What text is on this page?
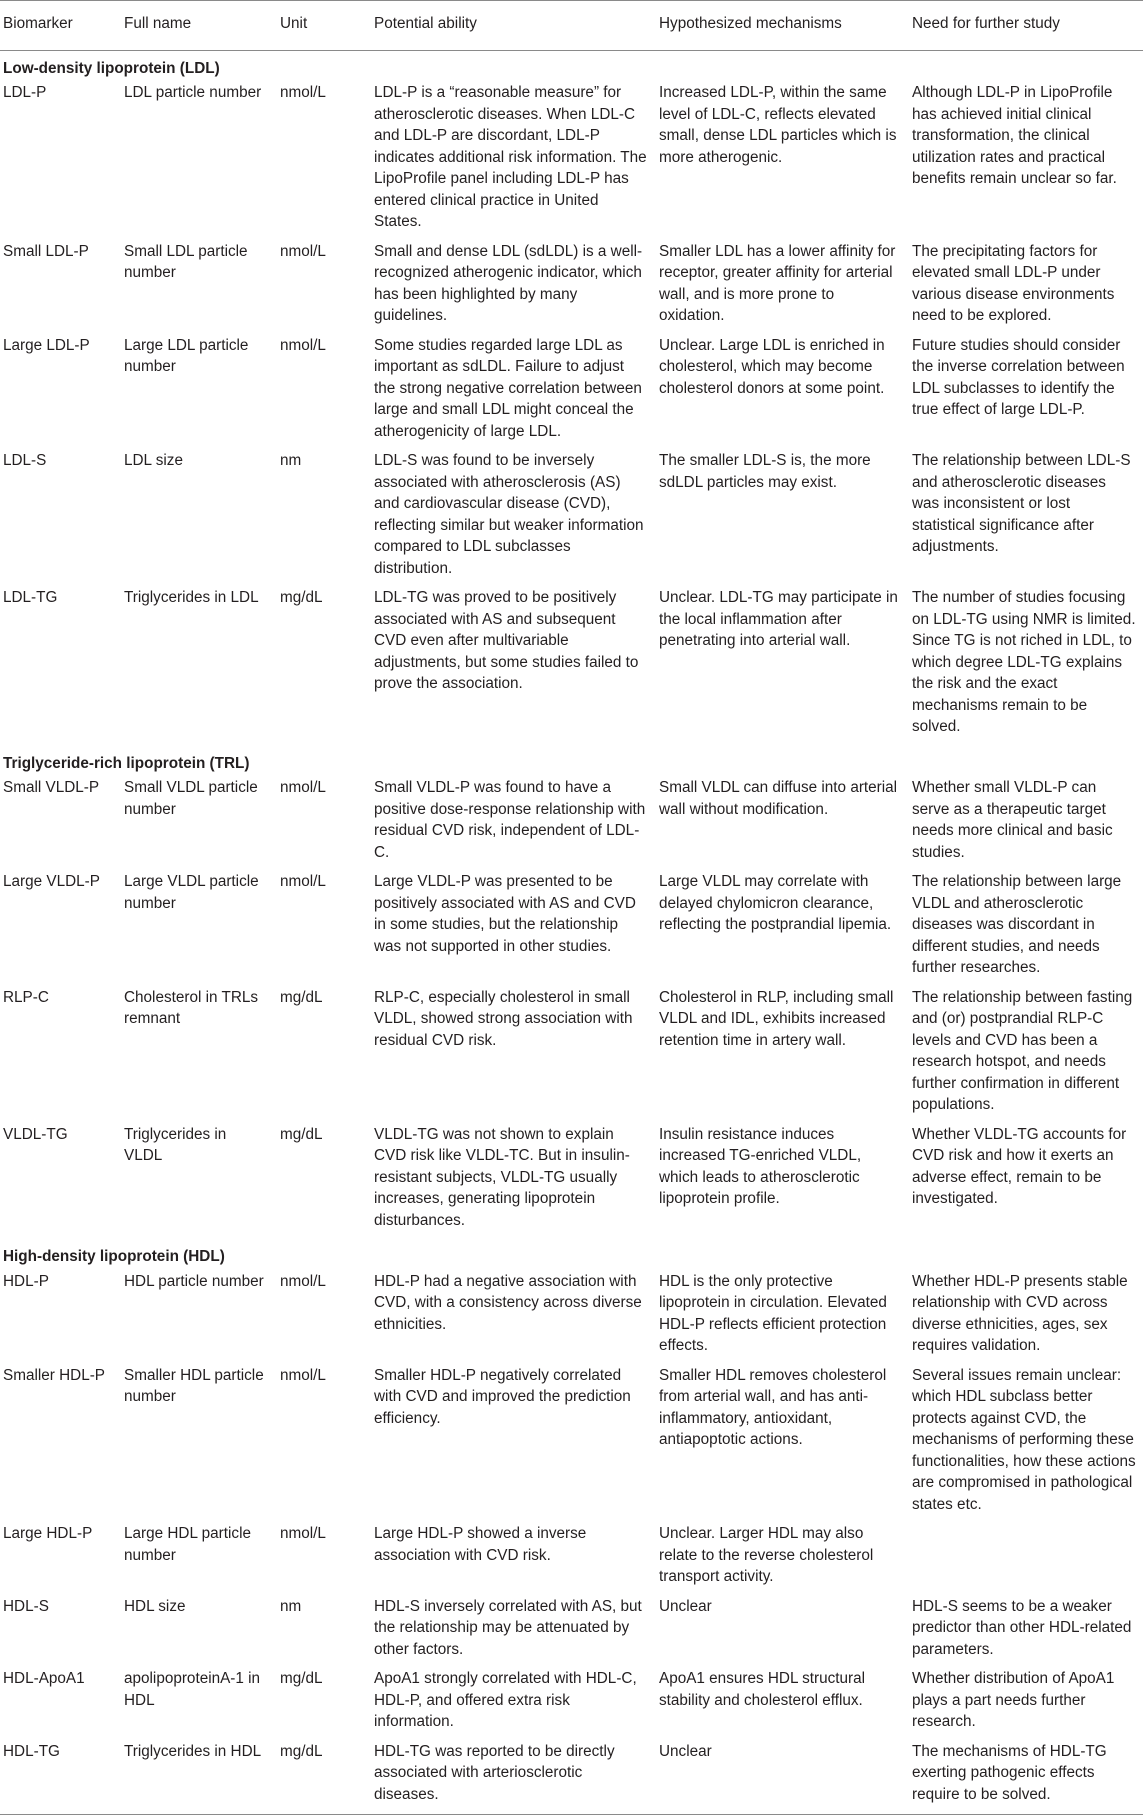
Biomarker	Full name	Unit	Potential ability	Hypothesized mechanisms	Need for further study
Low-density lipoprotein (LDL)					
LDL-P	LDL particle number	nmol/L	LDL-P is a “reasonable measure” for atherosclerotic diseases. When LDL-C and LDL-P are discordant, LDL-P indicates additional risk information. The LipoProfile panel including LDL-P has entered clinical practice in United States.	Increased LDL-P, within the same level of LDL-C, reflects elevated small, dense LDL particles which is more atherogenic.	Although LDL-P in LipoProfile has achieved initial clinical transformation, the clinical utilization rates and practical benefits remain unclear so far.
Small LDL-P	Small LDL particle number	nmol/L	Small and dense LDL (sdLDL) is a well-recognized atherogenic indicator, which has been highlighted by many guidelines.	Smaller LDL has a lower affinity for receptor, greater affinity for arterial wall, and is more prone to oxidation.	The precipitating factors for elevated small LDL-P under various disease environments need to be explored.
Large LDL-P	Large LDL particle number	nmol/L	Some studies regarded large LDL as important as sdLDL. Failure to adjust the strong negative correlation between large and small LDL might conceal the atherogenicity of large LDL.	Unclear. Large LDL is enriched in cholesterol, which may become cholesterol donors at some point.	Future studies should consider the inverse correlation between LDL subclasses to identify the true effect of large LDL-P.
LDL-S	LDL size	nm	LDL-S was found to be inversely associated with atherosclerosis (AS) and cardiovascular disease (CVD), reflecting similar but weaker information compared to LDL subclasses distribution.	The smaller LDL-S is, the more sdLDL particles may exist.	The relationship between LDL-S and atherosclerotic diseases was inconsistent or lost statistical significance after adjustments.
LDL-TG	Triglycerides in LDL	mg/dL	LDL-TG was proved to be positively associated with AS and subsequent CVD even after multivariable adjustments, but some studies failed to prove the association.	Unclear. LDL-TG may participate in the local inflammation after penetrating into arterial wall.	The number of studies focusing on LDL-TG using NMR is limited. Since TG is not riched in LDL, to which degree LDL-TG explains the risk and the exact mechanisms remain to be solved.
Triglyceride-rich lipoprotein (TRL)					
Small VLDL-P	Small VLDL particle number	nmol/L	Small VLDL-P was found to have a positive dose-response relationship with residual CVD risk, independent of LDL-C.	Small VLDL can diffuse into arterial wall without modification.	Whether small VLDL-P can serve as a therapeutic target needs more clinical and basic studies.
Large VLDL-P	Large VLDL particle number	nmol/L	Large VLDL-P was presented to be positively associated with AS and CVD in some studies, but the relationship was not supported in other studies.	Large VLDL may correlate with delayed chylomicron clearance, reflecting the postprandial lipemia.	The relationship between large VLDL and atherosclerotic diseases was discordant in different studies, and needs further researches.
RLP-C	Cholesterol in TRLs remnant	mg/dL	RLP-C, especially cholesterol in small VLDL, showed strong association with residual CVD risk.	Cholesterol in RLP, including small VLDL and IDL, exhibits increased retention time in artery wall.	The relationship between fasting and (or) postprandial RLP-C levels and CVD has been a research hotspot, and needs further confirmation in different populations.
VLDL-TG	Triglycerides in VLDL	mg/dL	VLDL-TG was not shown to explain CVD risk like VLDL-TC. But in insulin-resistant subjects, VLDL-TG usually increases, generating lipoprotein disturbances.	Insulin resistance induces increased TG-enriched VLDL, which leads to atherosclerotic lipoprotein profile.	Whether VLDL-TG accounts for CVD risk and how it exerts an adverse effect, remain to be investigated.
High-density lipoprotein (HDL)					
HDL-P	HDL particle number	nmol/L	HDL-P had a negative association with CVD, with a consistency across diverse ethnicities.	HDL is the only protective lipoprotein in circulation. Elevated HDL-P reflects efficient protection effects.	Whether HDL-P presents stable relationship with CVD across diverse ethnicities, ages, sex requires validation.
Smaller HDL-P	Smaller HDL particle number	nmol/L	Smaller HDL-P negatively correlated with CVD and improved the prediction efficiency.	Smaller HDL removes cholesterol from arterial wall, and has anti-inflammatory, antioxidant, antiapoptotic actions.	Several issues remain unclear: which HDL subclass better protects against CVD, the mechanisms of performing these functionalities, how these actions are compromised in pathological states etc.
Large HDL-P	Large HDL particle number	nmol/L	Large HDL-P showed a inverse association with CVD risk.	Unclear. Larger HDL may also relate to the reverse cholesterol transport activity.	
HDL-S	HDL size	nm	HDL-S inversely correlated with AS, but the relationship may be attenuated by other factors.	Unclear	HDL-S seems to be a weaker predictor than other HDL-related parameters.
HDL-ApoA1	apolipoproteinA-1 in HDL	mg/dL	ApoA1 strongly correlated with HDL-C, HDL-P, and offered extra risk information.	ApoA1 ensures HDL structural stability and cholesterol efflux.	Whether distribution of ApoA1 plays a part needs further research.
HDL-TG	Triglycerides in HDL	mg/dL	HDL-TG was reported to be directly associated with arteriosclerotic diseases.	Unclear	The mechanisms of HDL-TG exerting pathogenic effects require to be solved.
